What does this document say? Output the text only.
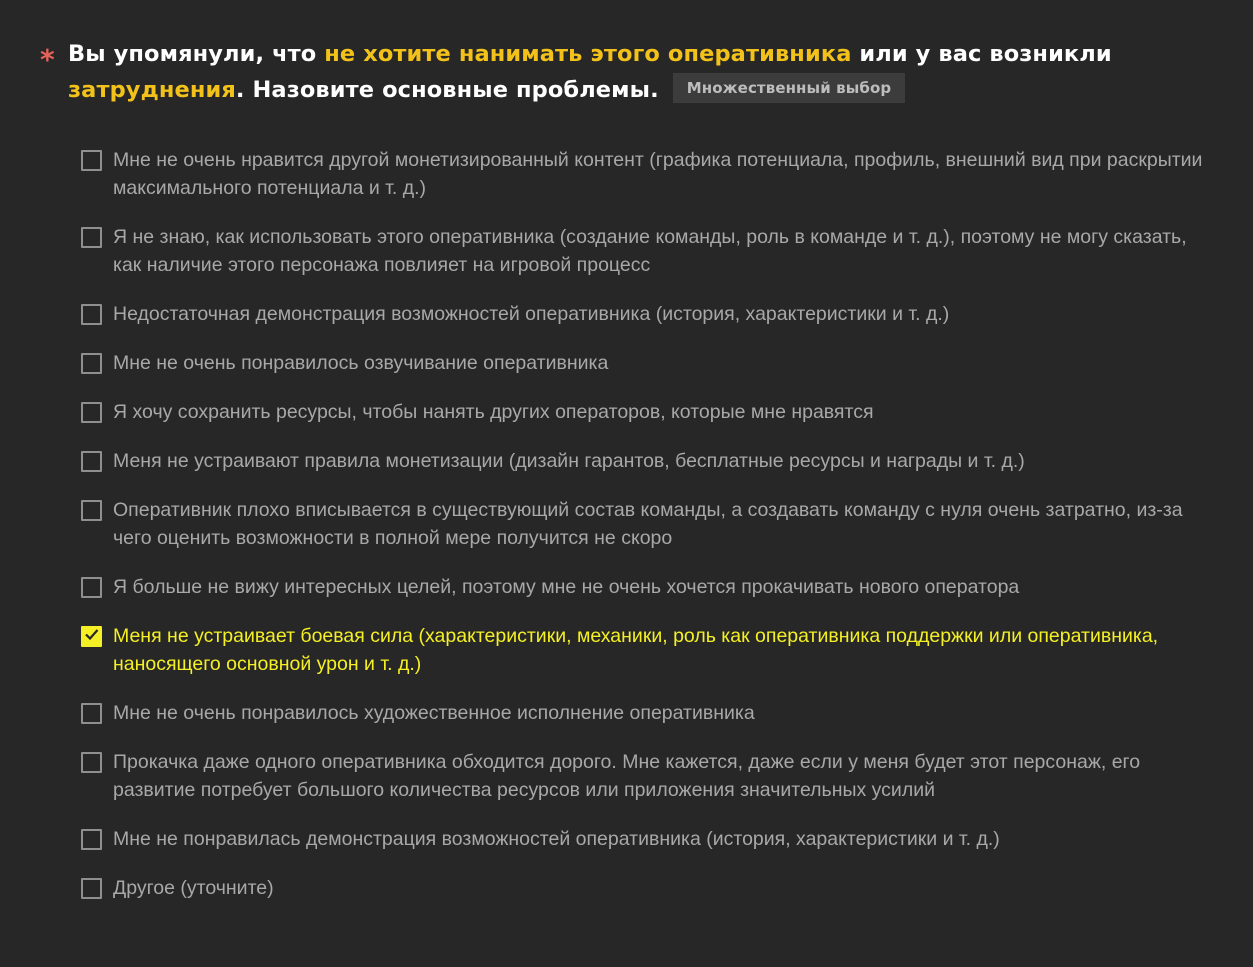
* Вы упомянули, что не хотите нанимать этого оперативника или у вас возникли затруднения. Назовите основные проблемы. Множественный выбор
Мне не очень нравится другой монетизированный контент (графика потенциала, профиль, внешний вид при раскрытии максимального потенциала и т. д.)
Я не знаю, как использовать этого оперативника (создание команды, роль в команде и т. д.), поэтому не могу сказать, как наличие этого персонажа повлияет на игровой процесс
Недостаточная демонстрация возможностей оперативника (история, характеристики и т. д.)
Мне не очень понравилось озвучивание оперативника
Я хочу сохранить ресурсы, чтобы нанять других операторов, которые мне нравятся
Меня не устраивают правила монетизации (дизайн гарантов, бесплатные ресурсы и награды и т. д.)
Оперативник плохо вписывается в существующий состав команды, а создавать команду с нуля очень затратно, из-за чего оценить возможности в полной мере получится не скоро
Я больше не вижу интересных целей, поэтому мне не очень хочется прокачивать нового оператора
Меня не устраивает боевая сила (характеристики, механики, роль как оперативника поддержки или оперативника, наносящего основной урон и т. д.)
Мне не очень понравилось художественное исполнение оперативника
Прокачка даже одного оперативника обходится дорого. Мне кажется, даже если у меня будет этот персонаж, его развитие потребует большого количества ресурсов или приложения значительных усилий
Мне не понравилась демонстрация возможностей оперативника (история, характеристики и т. д.)
Другое (уточните)
